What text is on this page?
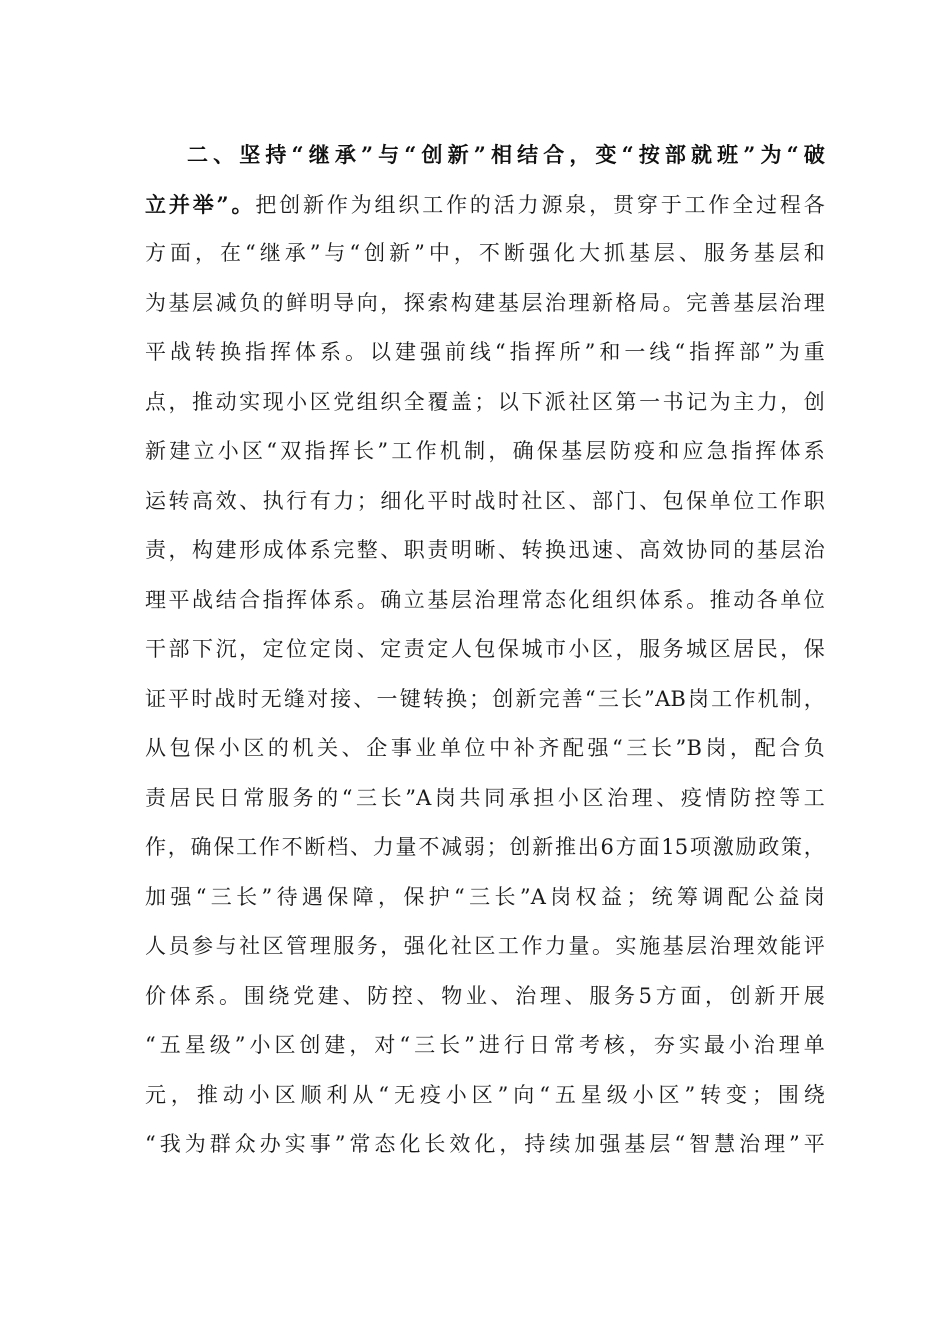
二、坚持“继承”与“创新”相结合，变“按部就班”为“破
立并举”。把创新作为组织工作的活力源泉，贯穿于工作全过程各
方面，在“继承”与“创新”中，不断强化大抓基层、服务基层和
为基层减负的鲜明导向，探索构建基层治理新格局。完善基层治理
平战转换指挥体系。以建强前线“指挥所”和一线“指挥部”为重
点，推动实现小区党组织全覆盖；以下派社区第一书记为主力，创
新建立小区“双指挥长”工作机制，确保基层防疫和应急指挥体系
运转高效、执行有力；细化平时战时社区、部门、包保单位工作职
责，构建形成体系完整、职责明晰、转换迅速、高效协同的基层治
理平战结合指挥体系。确立基层治理常态化组织体系。推动各单位
干部下沉，定位定岗、定责定人包保城市小区，服务城区居民，保
证平时战时无缝对接、一键转换；创新完善“三长”AB岗工作机制，
从包保小区的机关、企事业单位中补齐配强“三长”B岗，配合负
责居民日常服务的“三长”A岗共同承担小区治理、疫情防控等工
作，确保工作不断档、力量不减弱；创新推出6方面15项激励政策，
加强“三长”待遇保障，保护“三长”A岗权益；统筹调配公益岗
人员参与社区管理服务，强化社区工作力量。实施基层治理效能评
价体系。围绕党建、防控、物业、治理、服务5方面，创新开展
“五星级”小区创建，对“三长”进行日常考核，夯实最小治理单
元，推动小区顺利从“无疫小区”向“五星级小区”转变；围绕
“我为群众办实事”常态化长效化，持续加强基层“智慧治理”平
